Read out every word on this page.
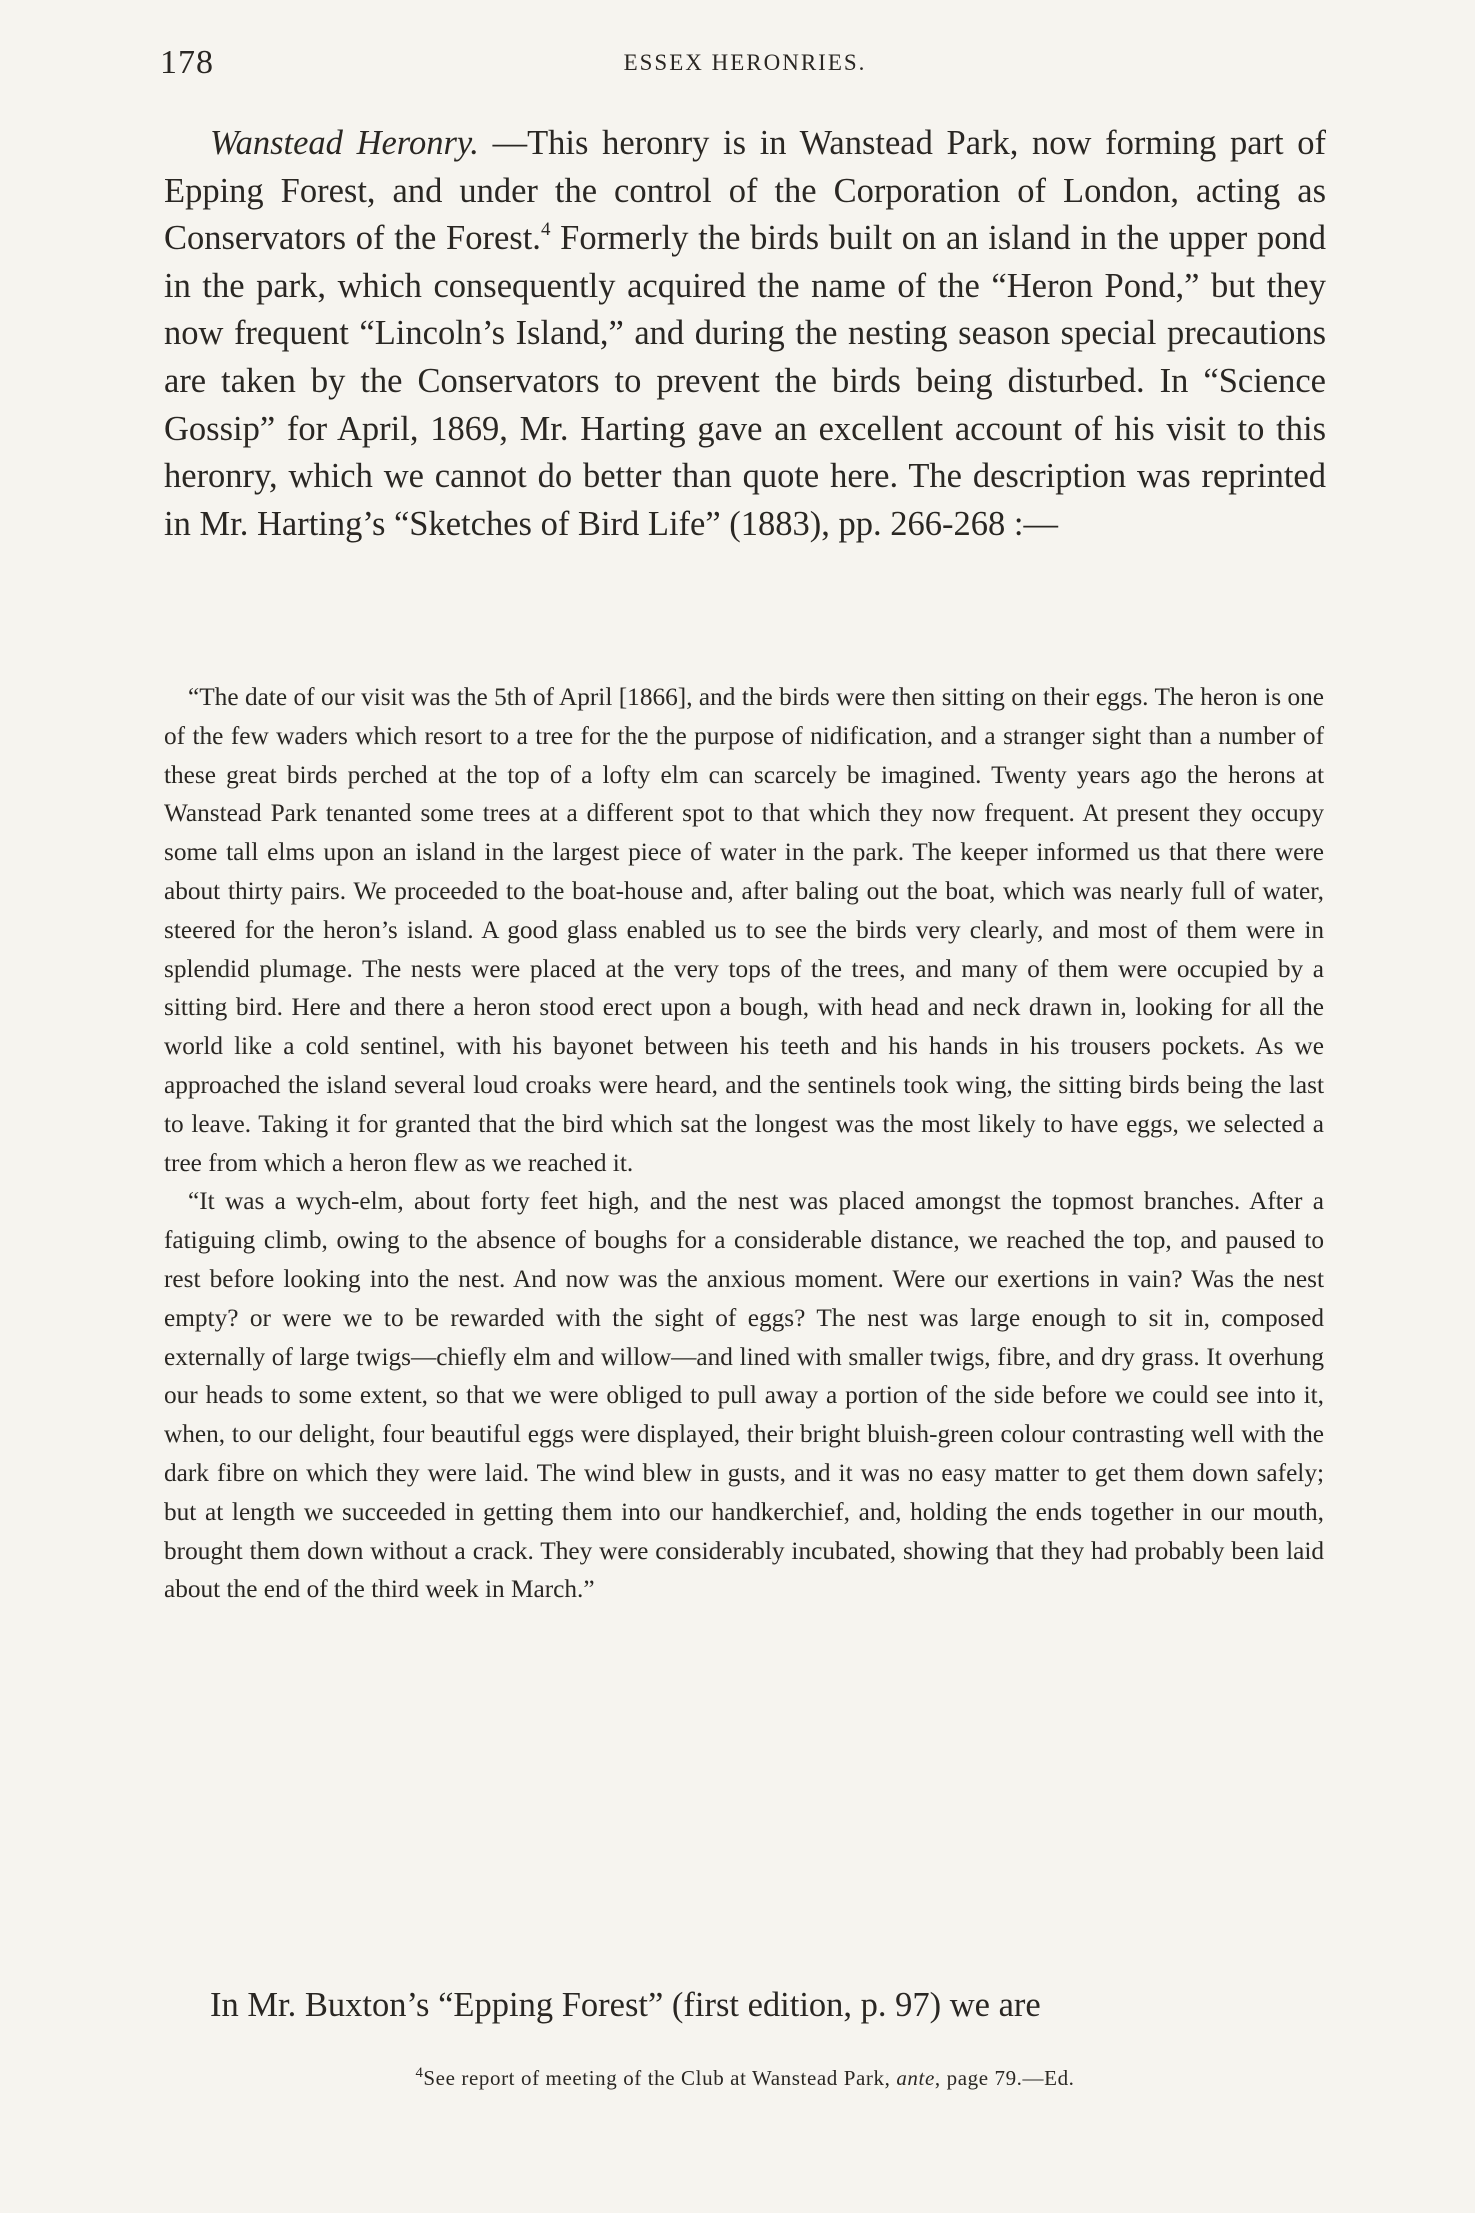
178	ESSEX HERONRIES.

Wanstead Heronry. —This heronry is in Wanstead Park, now forming part of Epping Forest, and under the control of the Corporation of London, acting as Conservators of the Forest.$^4$ Formerly the birds built on an island in the upper pond in the park, which consequently acquired the name of the “Heron Pond,” but they now frequent “Lincoln’s Island,” and during the nesting season special precautions are taken by the Conservators to prevent the birds being disturbed. In “Science Gossip” for April, 1869, Mr. Harting gave an excellent account of his visit to this heronry, which we cannot do better than quote here. The description was reprinted in Mr. Harting’s “Sketches of Bird Life” (1883), pp. 266-268 :—

“The date of our visit was the 5th of April [1866], and the birds were then sitting on their eggs. The heron is one of the few waders which resort to a tree for the the purpose of nidification, and a stranger sight than a number of these great birds perched at the top of a lofty elm can scarcely be imagined. Twenty years ago the herons at Wanstead Park tenanted some trees at a different spot to that which they now frequent. At present they occupy some tall elms upon an island in the largest piece of water in the park. The keeper informed us that there were about thirty pairs. We proceeded to the boat-house and, after baling out the boat, which was nearly full of water, steered for the heron’s island. A good glass enabled us to see the birds very clearly, and most of them were in splendid plumage. The nests were placed at the very tops of the trees, and many of them were occupied by a sitting bird. Here and there a heron stood erect upon a bough, with head and neck drawn in, looking for all the world like a cold sentinel, with his bayonet between his teeth and his hands in his trousers pockets. As we approached the island several loud croaks were heard, and the sentinels took wing, the sitting birds being the last to leave. Taking it for granted that the bird which sat the longest was the most likely to have eggs, we selected a tree from which a heron flew as we reached it.

“It was a wych-elm, about forty feet high, and the nest was placed amongst the topmost branches. After a fatiguing climb, owing to the absence of boughs for a considerable distance, we reached the top, and paused to rest before looking into the nest. And now was the anxious moment. Were our exertions in vain? Was the nest empty? or were we to be rewarded with the sight of eggs? The nest was large enough to sit in, composed externally of large twigs—chiefly elm and willow—and lined with smaller twigs, fibre, and dry grass. It overhung our heads to some extent, so that we were obliged to pull away a portion of the side before we could see into it, when, to our delight, four beautiful eggs were displayed, their bright bluish-green colour contrasting well with the dark fibre on which they were laid. The wind blew in gusts, and it was no easy matter to get them down safely; but at length we succeeded in getting them into our handkerchief, and, holding the ends together in our mouth, brought them down without a crack. They were considerably incubated, showing that they had probably been laid about the end of the third week in March.”

In Mr. Buxton’s “Epping Forest” (first edition, p. 97) we are

$^4$See report of meeting of the Club at Wanstead Park, ante, page 79.—Ed.
